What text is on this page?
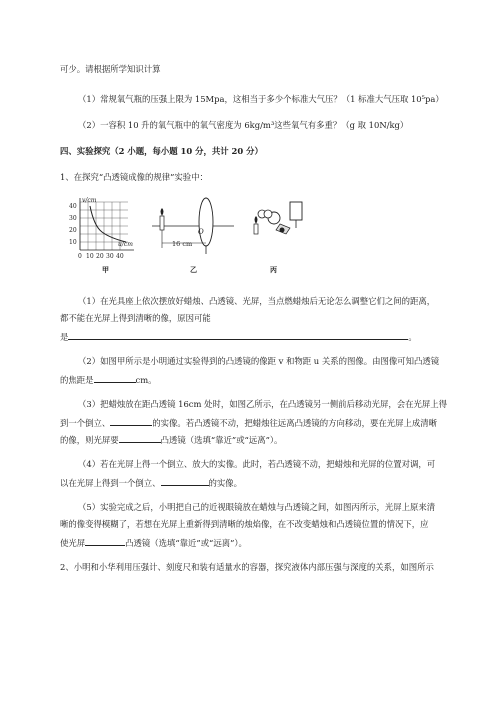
可少。请根据所学知识计算
（1）常规氧气瓶的压强上限为 15Mpa，这相当于多少个标准大气压？（1 标准大气压取 10⁵pa）
（2）一容积 10 升的氧气瓶中的氧气密度为 6kg/m³这些氧气有多重？（g 取 10N/kg）
四、实验探究（2 小题，每小题 10 分，共计 20 分）
1、在探究“凸透镜成像的规律”实验中：
v/cm
u/cm
40
30
20
10
0 10 20 30 40
甲
16 cm
O
乙	丙
（1）在光具座上依次摆放好蜡烛、凸透镜、光屏，当点燃蜡烛后无论怎么调整它们之间的距离，
都不能在光屏上得到清晰的像，原因可能
是	。
（2）如图甲所示是小明通过实验得到的凸透镜的像距 v 和物距 u 关系的图像。由图像可知凸透镜
的焦距是	cm。
（3）把蜡烛放在距凸透镜 16cm 处时，如图乙所示，在凸透镜另一侧前后移动光屏，会在光屏上得
到一个倒立、	的实像。若凸透镜不动，把蜡烛往远离凸透镜的方向移动，要在光屏上成清晰
的像，则光屏要	凸透镜（选填“靠近”或“远离”）。
（4）若在光屏上得一个倒立、放大的实像。此时，若凸透镜不动，把蜡烛和光屏的位置对调，可
以在光屏上得到一个倒立、	的实像。
（5）实验完成之后，小明把自己的近视眼镜放在蜡烛与凸透镜之间，如图丙所示，光屏上原来清
晰的像变得模糊了，若想在光屏上重新得到清晰的烛焰像，在不改变蜡烛和凸透镜位置的情况下，应
使光屏	凸透镜（选填“靠近”或“远离”）。
2、小明和小华利用压强计、刻度尺和装有适量水的容器，探究液体内部压强与深度的关系，如图所示
